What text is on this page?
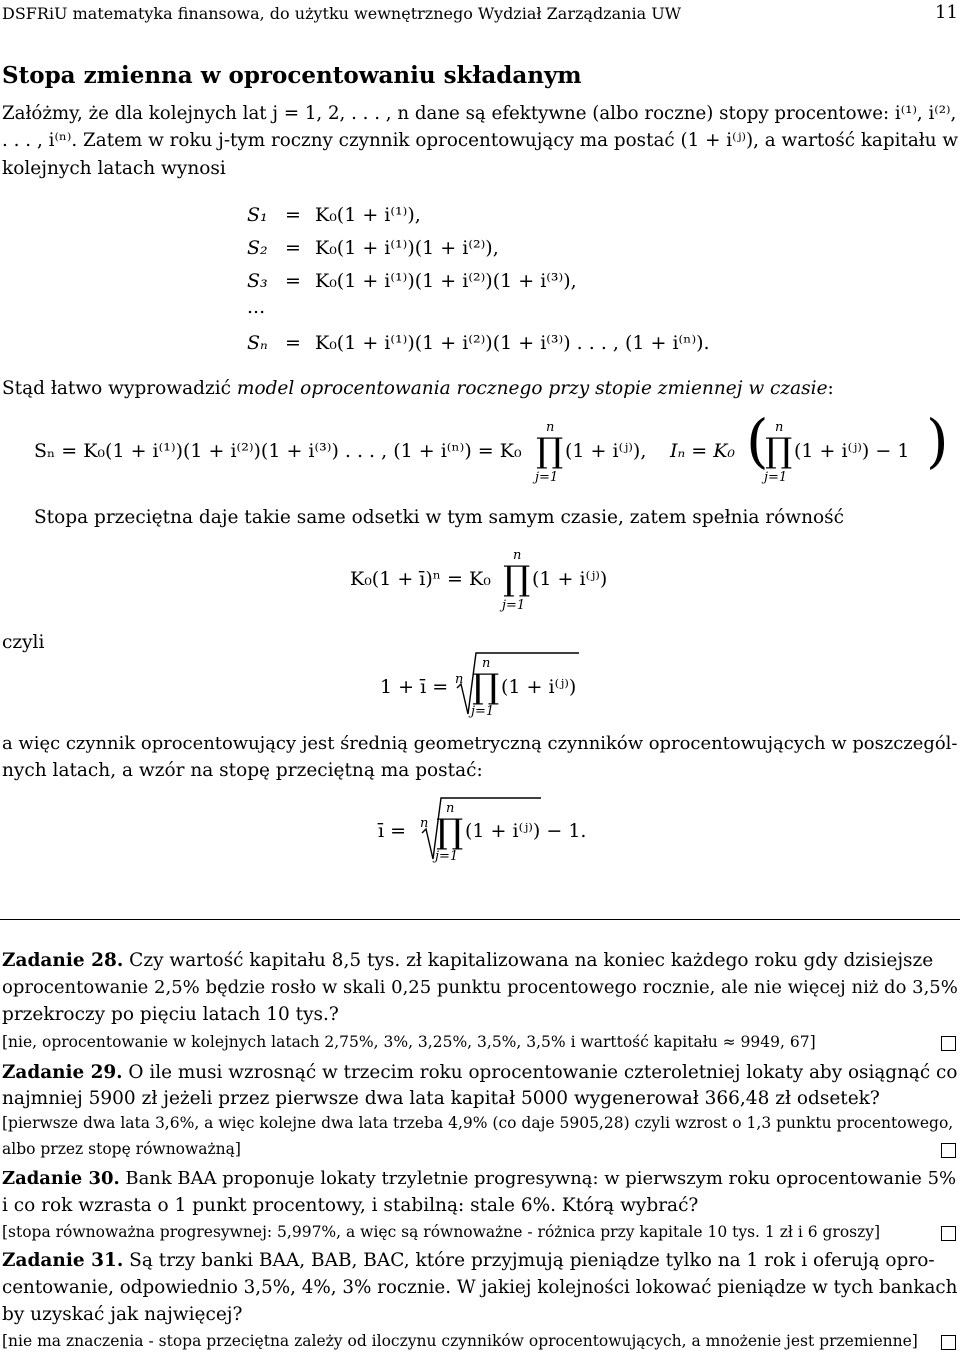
DSFRiU matematyka finansowa, do użytku wewnętrznego Wydział Zarządzania UW	11
Stopa zmienna w oprocentowaniu składanym
Załóżmy, że dla kolejnych lat j = 1, 2, . . . , n dane są efektywne (albo roczne) stopy procentowe: i⁽¹⁾, i⁽²⁾,
. . . , i⁽ⁿ⁾. Zatem w roku j-tym roczny czynnik oprocentowujący ma postać (1 + i⁽ʲ⁾), a wartość kapitału w
kolejnych latach wynosi
S₁ = K₀(1 + i⁽¹⁾),
S₂ = K₀(1 + i⁽¹⁾)(1 + i⁽²⁾),
S₃ = K₀(1 + i⁽¹⁾)(1 + i⁽²⁾)(1 + i⁽³⁾),
...
Sₙ = K₀(1 + i⁽¹⁾)(1 + i⁽²⁾)(1 + i⁽³⁾) . . . , (1 + i⁽ⁿ⁾).
Stąd łatwo wyprowadzić model oprocentowania rocznego przy stopie zmiennej w czasie:
Sₙ = K₀(1 + i⁽¹⁾)(1 + i⁽²⁾)(1 + i⁽³⁾) . . . , (1 + i⁽ⁿ⁾) = K₀
n
∏
j=1
(1 + i⁽ʲ⁾), Iₙ = K₀ ( n
∏
j=1
(1 + i⁽ʲ⁾) − 1 )
Stopa przeciętna daje takie same odsetki w tym samym czasie, zatem spełnia równość
K₀(1 + ī)ⁿ = K₀
n
∏
j=1
(1 + i⁽ʲ⁾)
czyli
1 + ī = n
n
∏
j=1
(1 + i⁽ʲ⁾)
a więc czynnik oprocentowujący jest średnią geometryczną czynników oprocentowujących w poszczegól-
nych latach, a wzór na stopę przeciętną ma postać:
ī = n
n
∏
j=1
(1 + i⁽ʲ⁾) − 1.
Zadanie 28. Czy wartość kapitału 8,5 tys. zł kapitalizowana na koniec każdego roku gdy dzisiejsze
oprocentowanie 2,5% będzie rosło w skali 0,25 punktu procentowego rocznie, ale nie więcej niż do 3,5%
przekroczy po pięciu latach 10 tys.?
[nie, oprocentowanie w kolejnych latach 2,75%, 3%, 3,25%, 3,5%, 3,5% i warttość kapitału ≈ 9949, 67]
Zadanie 29. O ile musi wzrosnąć w trzecim roku oprocentowanie czteroletniej lokaty aby osiągnąć co
najmniej 5900 zł jeżeli przez pierwsze dwa lata kapitał 5000 wygenerował 366,48 zł odsetek?
[pierwsze dwa lata 3,6%, a więc kolejne dwa lata trzeba 4,9% (co daje 5905,28) czyli wzrost o 1,3 punktu procentowego,
albo przez stopę równoważną]
Zadanie 30. Bank BAA proponuje lokaty trzyletnie progresywną: w pierwszym roku oprocentowanie 5%
i co rok wzrasta o 1 punkt procentowy, i stabilną: stale 6%. Którą wybrać?
[stopa równoważna progresywnej: 5,997%, a więc są równoważne - różnica przy kapitale 10 tys. 1 zł i 6 groszy]
Zadanie 31. Są trzy banki BAA, BAB, BAC, które przyjmują pieniądze tylko na 1 rok i oferują opro-
centowanie, odpowiednio 3,5%, 4%, 3% rocznie. W jakiej kolejności lokować pieniądze w tych bankach
by uzyskać jak najwięcej?
[nie ma znaczenia - stopa przeciętna zależy od iloczynu czynników oprocentowujących, a mnożenie jest przemienne]
